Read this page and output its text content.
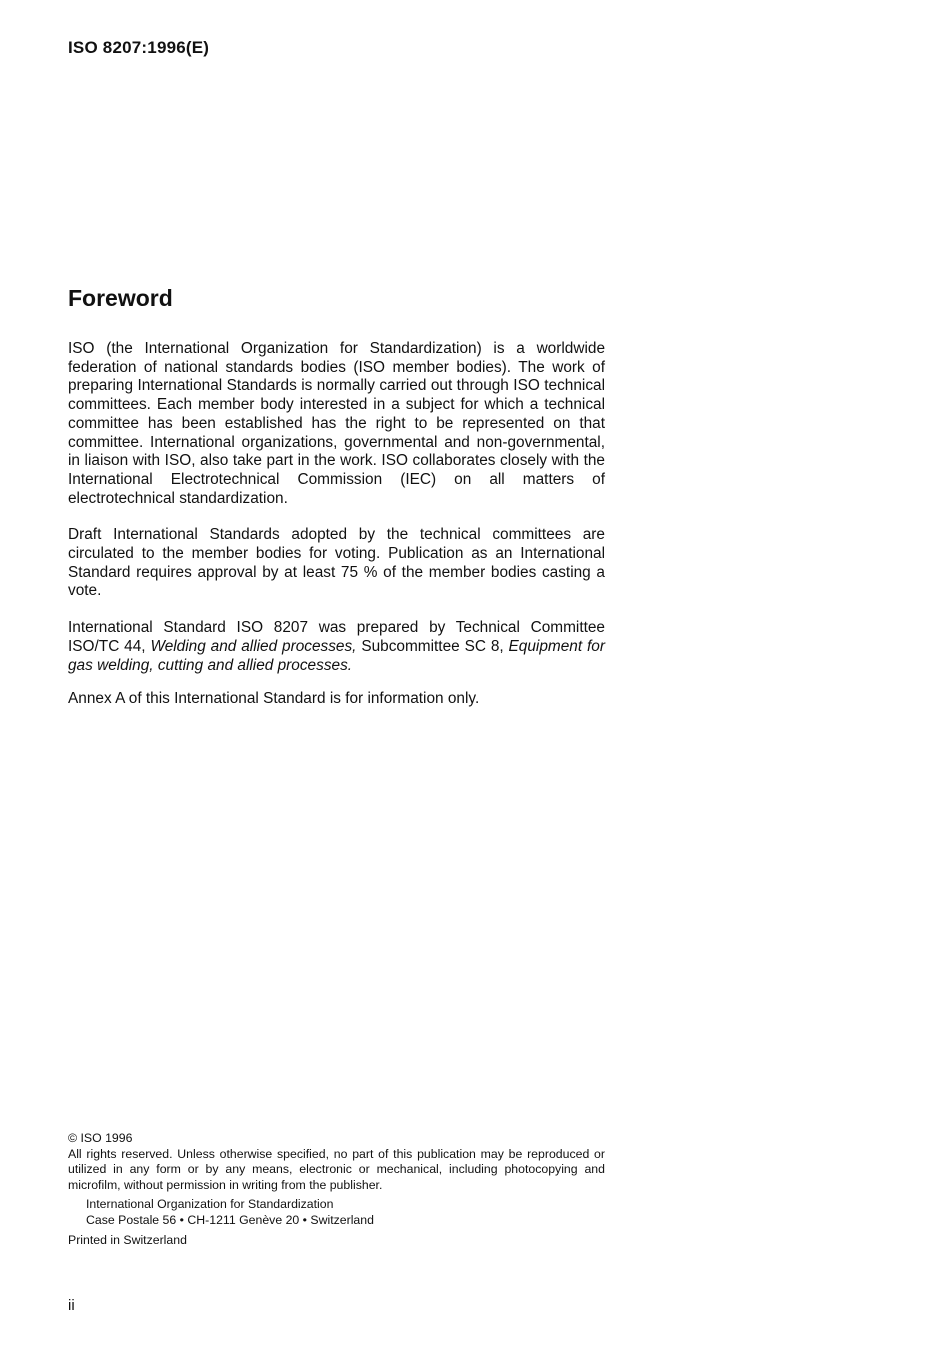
ISO 8207:1996(E)
Foreword

ISO (the International Organization for Standardization) is a worldwide federation of national standards bodies (ISO member bodies). The work of preparing International Standards is normally carried out through ISO technical committees. Each member body interested in a subject for which a technical committee has been established has the right to be represented on that committee. International organizations, governmental and non-governmental, in liaison with ISO, also take part in the work. ISO collaborates closely with the International Electrotechnical Commission (IEC) on all matters of electrotechnical standardization.

Draft International Standards adopted by the technical committees are circulated to the member bodies for voting. Publication as an International Standard requires approval by at least 75 % of the member bodies casting a vote.

International Standard ISO 8207 was prepared by Technical Committee ISO/TC 44, Welding and allied processes, Subcommittee SC 8, Equipment for gas welding, cutting and allied processes.

Annex A of this International Standard is for information only.

© ISO 1996

All rights reserved. Unless otherwise specified, no part of this publication may be reproduced or utilized in any form or by any means, electronic or mechanical, including photocopying and microfilm, without permission in writing from the publisher.

International Organization for Standardization
Case Postale 56 • CH-1211 Genève 20 • Switzerland

Printed in Switzerland

ii
